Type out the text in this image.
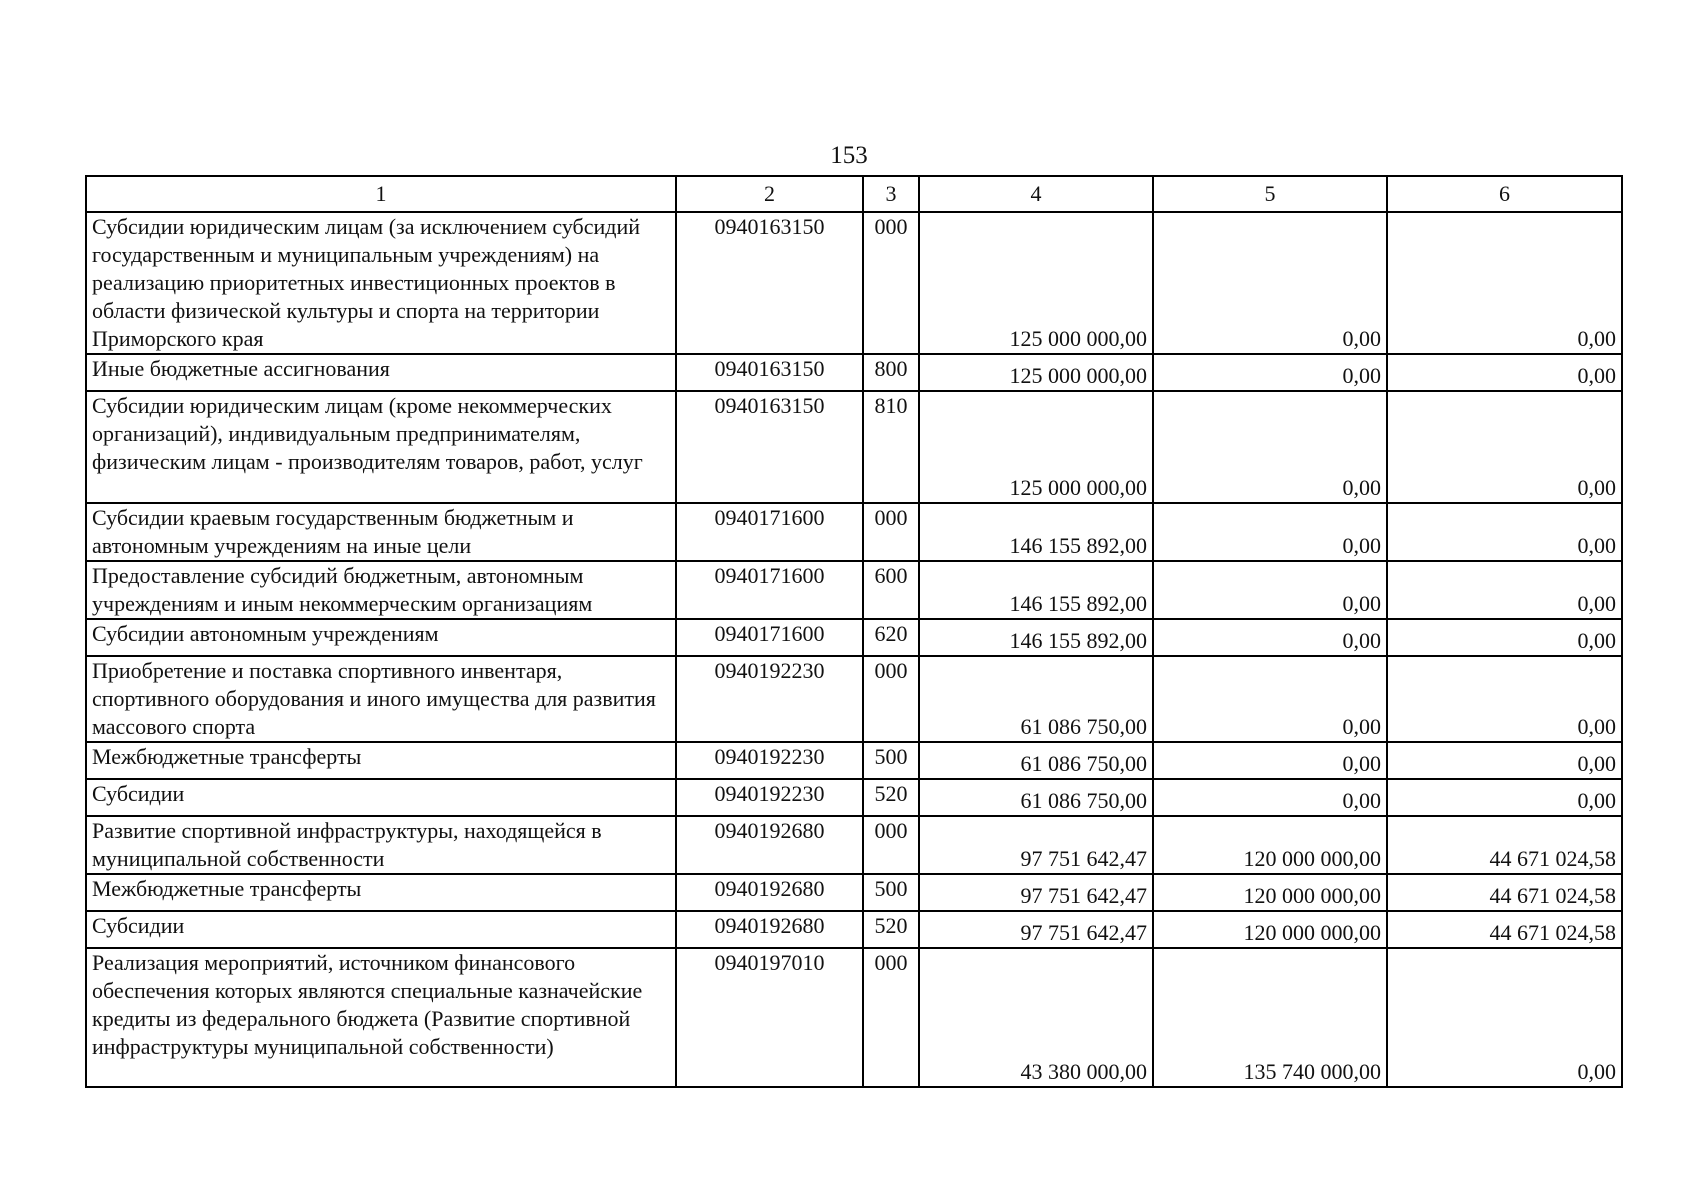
153
1	2	3	4	5	6
Субсидии юридическим лицам (за исключением субсидий государственным и муниципальным учреждениям) на реализацию приоритетных инвестиционных проектов в области физической культуры и спорта на территории Приморского края	0940163150	000	125 000 000,00	0,00	0,00
Иные бюджетные ассигнования	0940163150	800	125 000 000,00	0,00	0,00
Субсидии юридическим лицам (кроме некоммерческих организаций), индивидуальным предпринимателям, физическим лицам - производителям товаров, работ, услуг	0940163150	810	125 000 000,00	0,00	0,00
Субсидии краевым государственным бюджетным и автономным учреждениям на иные цели	0940171600	000	146 155 892,00	0,00	0,00
Предоставление субсидий бюджетным, автономным учреждениям и иным некоммерческим организациям	0940171600	600	146 155 892,00	0,00	0,00
Субсидии автономным учреждениям	0940171600	620	146 155 892,00	0,00	0,00
Приобретение и поставка спортивного инвентаря, спортивного оборудования и иного имущества для развития массового спорта	0940192230	000	61 086 750,00	0,00	0,00
Межбюджетные трансферты	0940192230	500	61 086 750,00	0,00	0,00
Субсидии	0940192230	520	61 086 750,00	0,00	0,00
Развитие спортивной инфраструктуры, находящейся в муниципальной собственности	0940192680	000	97 751 642,47	120 000 000,00	44 671 024,58
Межбюджетные трансферты	0940192680	500	97 751 642,47	120 000 000,00	44 671 024,58
Субсидии	0940192680	520	97 751 642,47	120 000 000,00	44 671 024,58
Реализация мероприятий, источником финансового обеспечения которых являются специальные казначейские кредиты из федерального бюджета (Развитие спортивной инфраструктуры муниципальной собственности)	0940197010	000	43 380 000,00	135 740 000,00	0,00
